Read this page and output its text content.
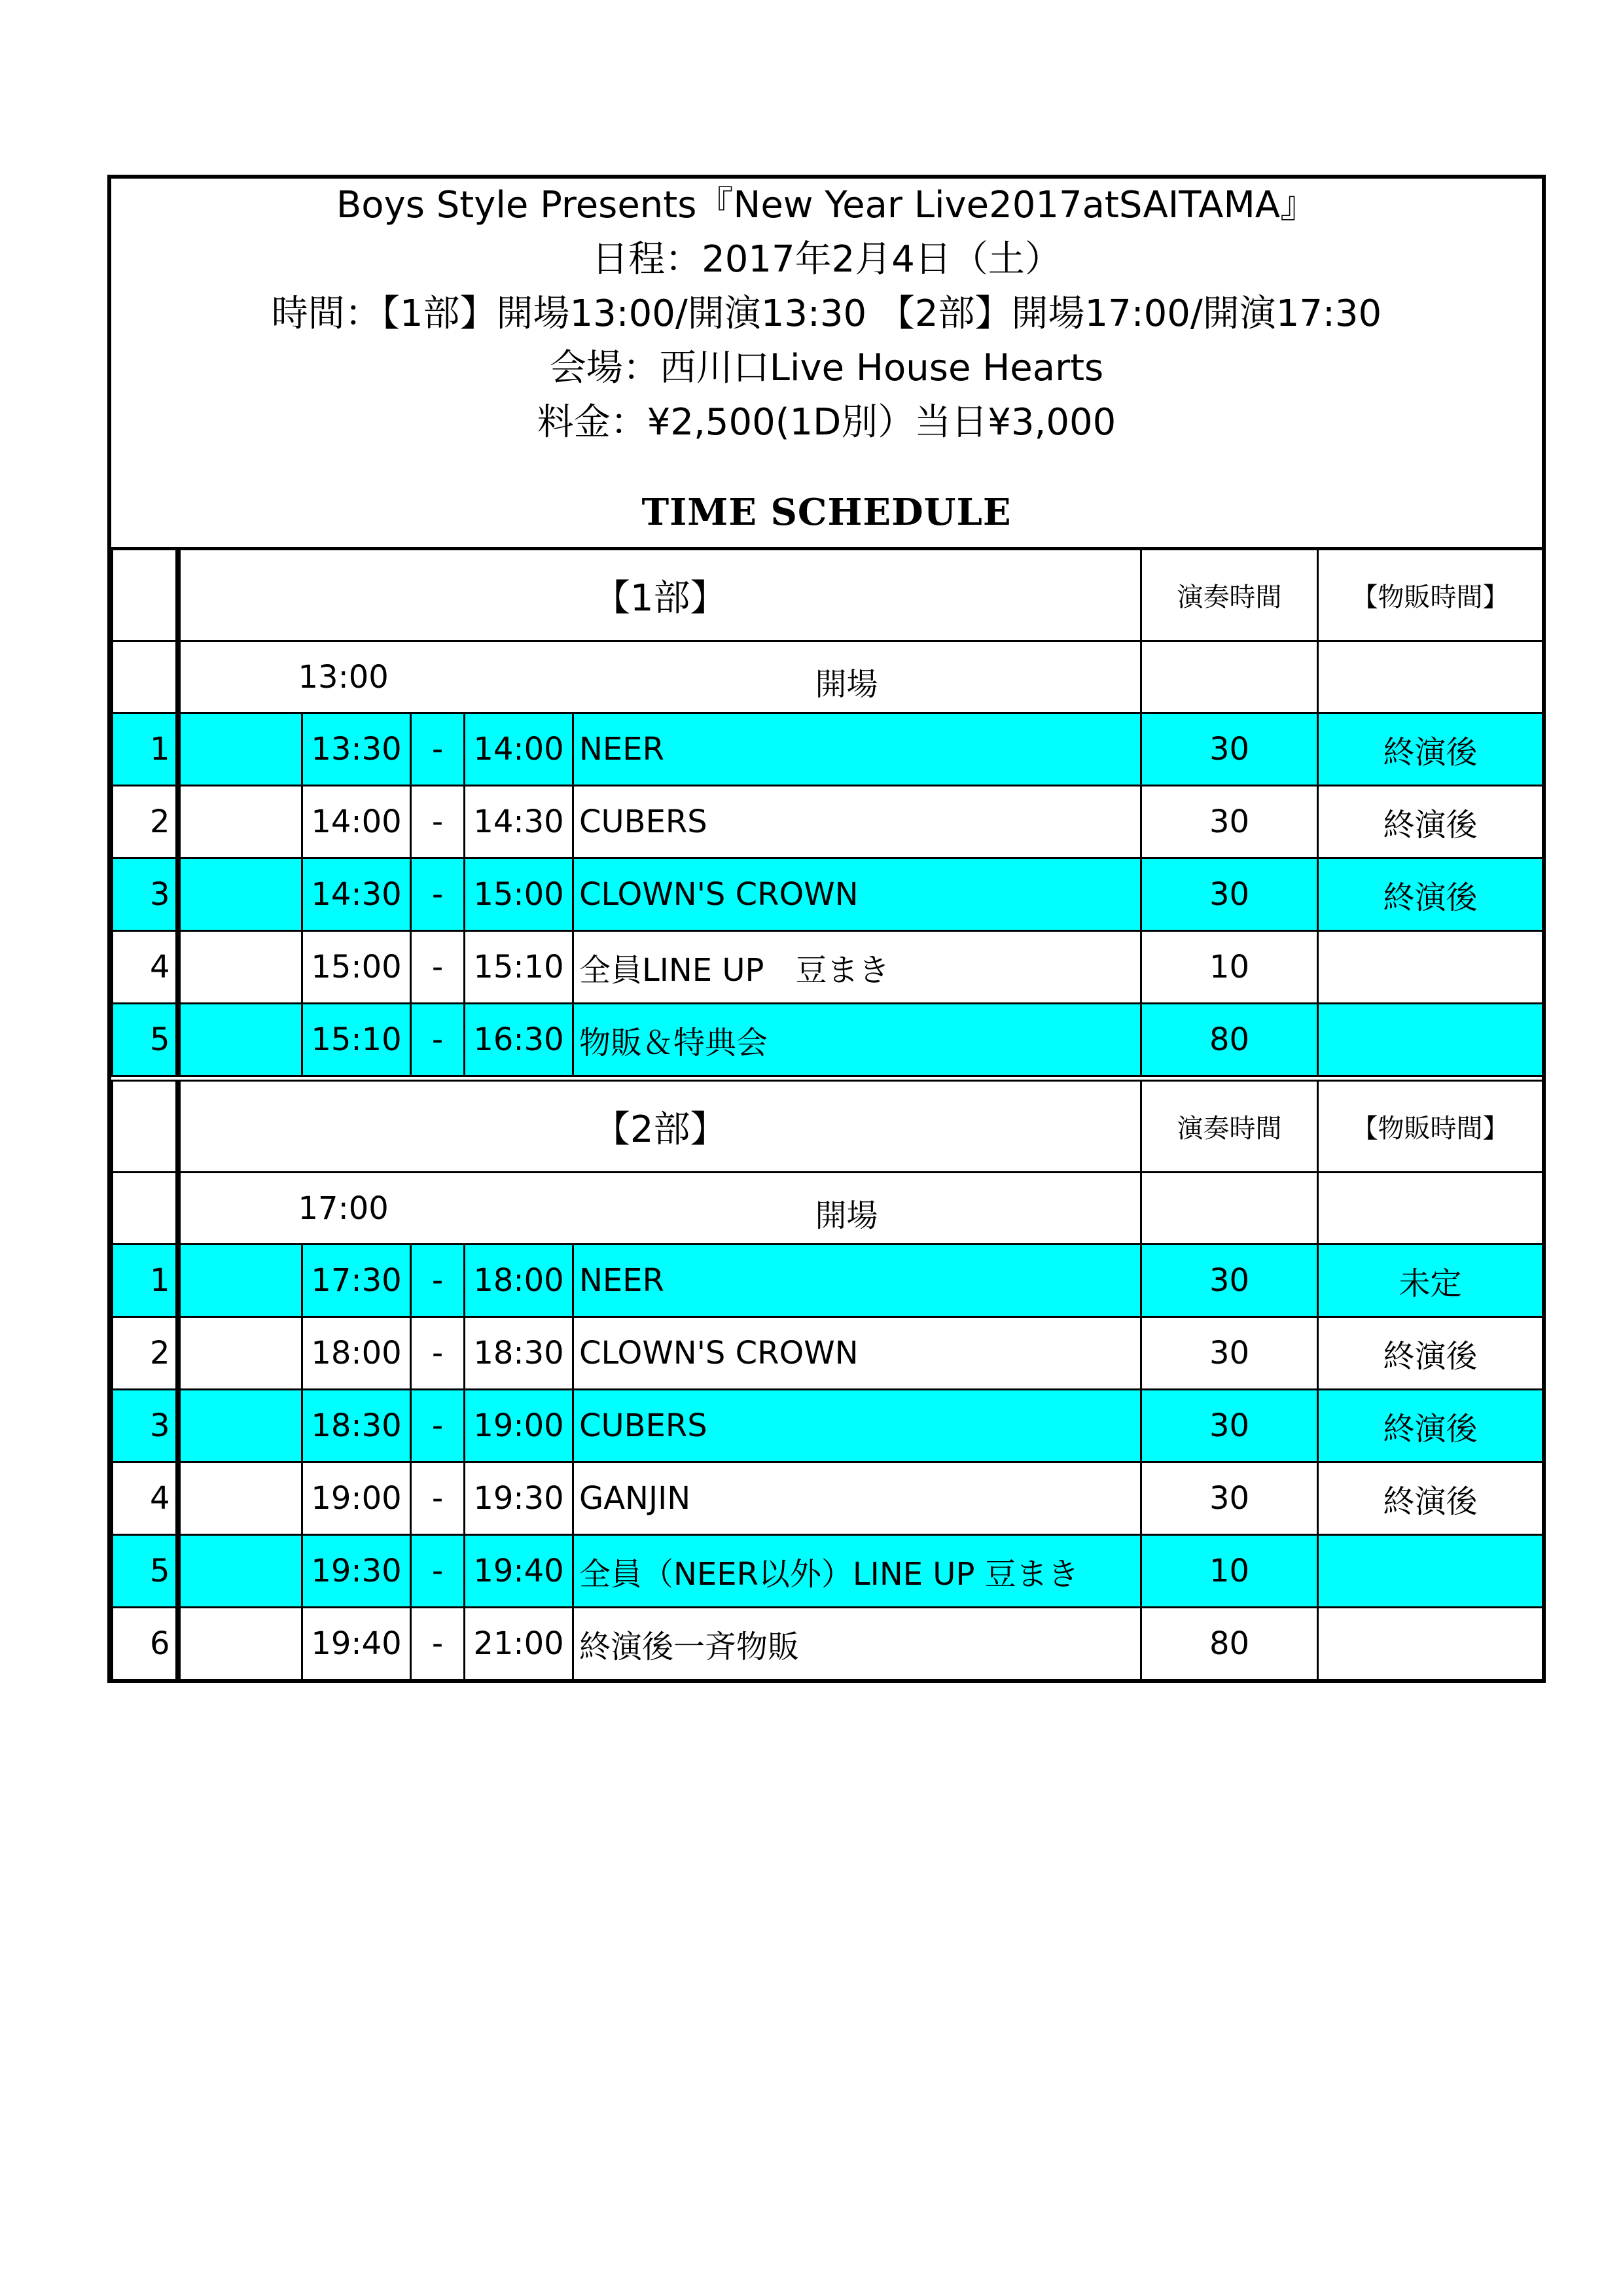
Boys Style Presents『New Year Live2017atSAITAMA』
日程：2017年2月4日（土）
時間：【1部】開場13:00/開演13:30 【2部】開場17:00/開演17:30
会場：西川口Live House Hearts
料金：¥2,500(1D別）当日¥3,000
TIME SCHEDULE
	【1部】					演奏時間	【物販時間】
	13:00 開場						

1		13:30	-	14:00	NEER	30	終演後
2		14:00	-	14:30	CUBERS	30	終演後
3		14:30	-	15:00	CLOWN'S CROWN	30	終演後
4		15:00	-	15:10	全員LINE UP　豆まき	10	
5		15:10	-	16:30	物販＆特典会	80	
	【2部】					演奏時間	【物販時間】
	17:00 開場						

1		17:30	-	18:00	NEER	30	未定
2		18:00	-	18:30	CLOWN'S CROWN	30	終演後
3		18:30	-	19:00	CUBERS	30	終演後
4		19:00	-	19:30	GANJIN	30	終演後
5		19:30	-	19:40	全員（NEER以外）LINE UP 豆まき	10	
6		19:40	-	21:00	終演後一斉物販	80	
